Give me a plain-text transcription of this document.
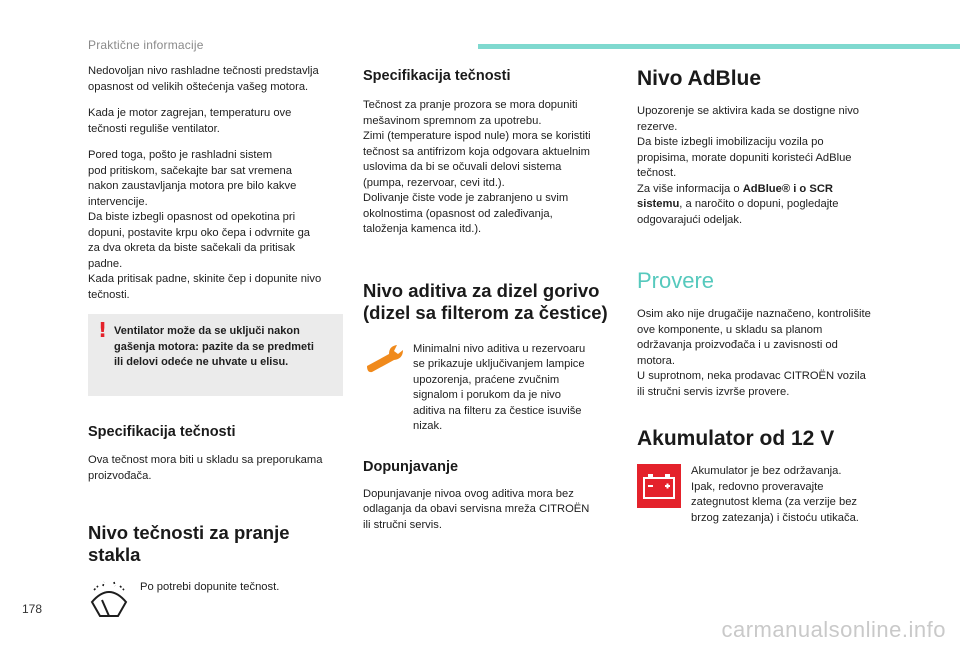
Praktične informacije

Nedovoljan nivo rashladne tečnosti predstavlja
opasnost od velikih oštećenja vašeg motora.

Kada je motor zagrejan, temperaturu ove
tečnosti reguliše ventilator.

Pored toga, pošto je rashladni sistem
pod pritiskom, sačekajte bar sat vremena
nakon zaustavljanja motora pre bilo kakve
intervencije.
Da biste izbegli opasnost od opekotina pri
dopuni, postavite krpu oko čepa i odvrnite ga
za dva okreta da biste sačekali da pritisak
padne.
Kada pritisak padne, skinite čep i dopunite nivo
tečnosti.

! Ventilator može da se uključi nakon
gašenja motora: pazite da se predmeti
ili delovi odeće ne uhvate u elisu.
Specifikacija tečnosti

Ova tečnost mora biti u skladu sa preporukama
proizvođača.

Nivo tečnosti za pranje
stakla

Po potrebi dopunite tečnost.

Specifikacija tečnosti

Tečnost za pranje prozora se mora dopuniti
mešavinom spremnom za upotrebu.
Zimi (temperature ispod nule) mora se koristiti
tečnost sa antifrizom koja odgovara aktuelnim
uslovima da bi se očuvali delovi sistema
(pumpa, rezervoar, cevi itd.).
Dolivanje čiste vode je zabranjeno u svim
okolnostima (opasnost od zaleđivanja,
taloženja kamenca itd.).

Nivo aditiva za dizel gorivo
(dizel sa filterom za čestice)

Minimalni nivo aditiva u rezervoaru
se prikazuje uključivanjem lampice
upozorenja, praćene zvučnim
signalom i porukom da je nivo
aditiva na filteru za čestice isuviše
nizak.

Dopunjavanje

Dopunjavanje nivoa ovog aditiva mora bez
odlaganja da obavi servisna mreža CITROËN
ili stručni servis.

Nivo AdBlue

Upozorenje se aktivira kada se dostigne nivo
rezerve.
Da biste izbegli imobilizaciju vozila po
propisima, morate dopuniti koristeći AdBlue
tečnost.
Za više informacija o AdBlue® i o SCR
sistemu, a naročito o dopuni, pogledajte
odgovarajući odeljak.

Provere

Osim ako nije drugačije naznačeno, kontrolišite
ove komponente, u skladu sa planom
održavanja proizvođača i u zavisnosti od
motora.
U suprotnom, neka prodavac CITROËN vozila
ili stručni servis izvrše provere.

Akumulator od 12 V

Akumulator je bez održavanja.
Ipak, redovno proveravajte
zategnutost klema (za verzije bez
brzog zatezanja) i čistoću utikača.

178
carmanualsonline.info
